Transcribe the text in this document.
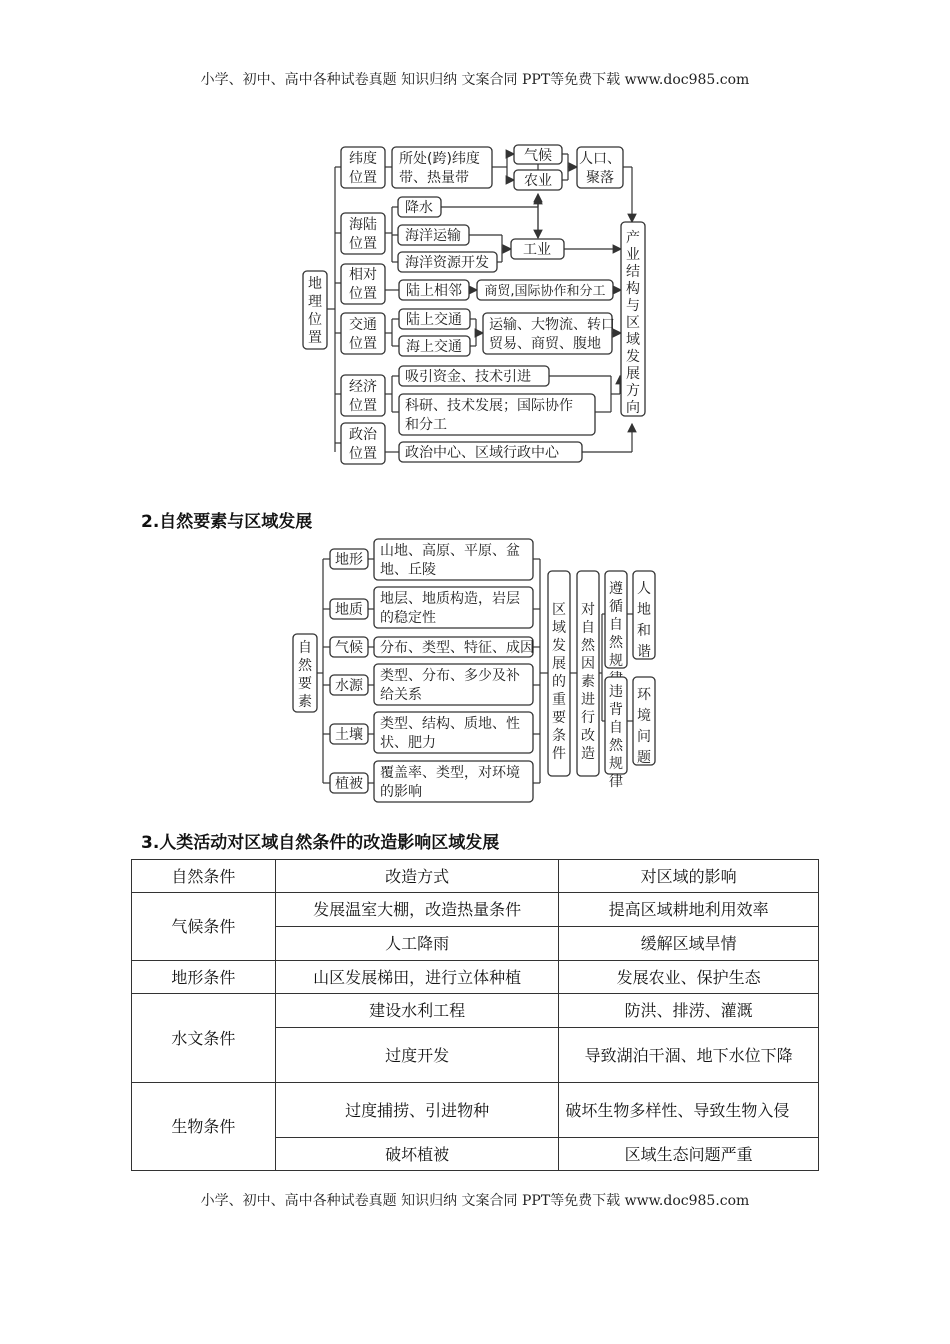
小学、初中、高中各种试卷真题 知识归纳 文案合同 PPT等免费下载 www.doc985.com
地理位置
纬度
位置
海陆
位置
相对
位置
交通
位置
经济
位置
政治
位置
所处(跨)纬度
带、热量带
气候
农业
人口、
聚落
降水
海洋运输
海洋资源开发
工业
陆上相邻 商贸,国际协作和分工
陆上交通
海上交通
运输、大物流、转口
贸易、商贸、腹地
吸引资金、技术引进
科研、技术发展；国际协作
和分工
政治中心、区域行政中心
产业结构与区域发展方向
2.自然要素与区域发展
自然要素
地形
山地、高原、平原、盆
地、丘陵
地质
地层、地质构造，岩层
的稳定性
气候 分布、类型、特征、成因
水源
类型、分布、多少及补
给关系
土壤
类型、结构、质地、性
状、肥力
植被
覆盖率、类型，对环境
的影响
区域发展的重要条件
对自然因素进行改造
遵循自然规
违背自然规律
人地和谐
环境问题
3.人类活动对区域自然条件的改造影响区域发展
自然条件	改造方式	对区域的影响
气候条件	发展温室大棚，改造热量条件	提高区域耕地利用效率
	人工降雨	缓解区域旱情
地形条件	山区发展梯田，进行立体种植	发展农业、保护生态
水文条件	建设水利工程	防洪、排涝、灌溉
	过度开发	导致湖泊干涸、地下水位下降
生物条件	过度捕捞、引进物种	破坏生物多样性、导致生物入侵
	破坏植被	区域生态问题严重
小学、初中、高中各种试卷真题 知识归纳 文案合同 PPT等免费下载 www.doc985.com
